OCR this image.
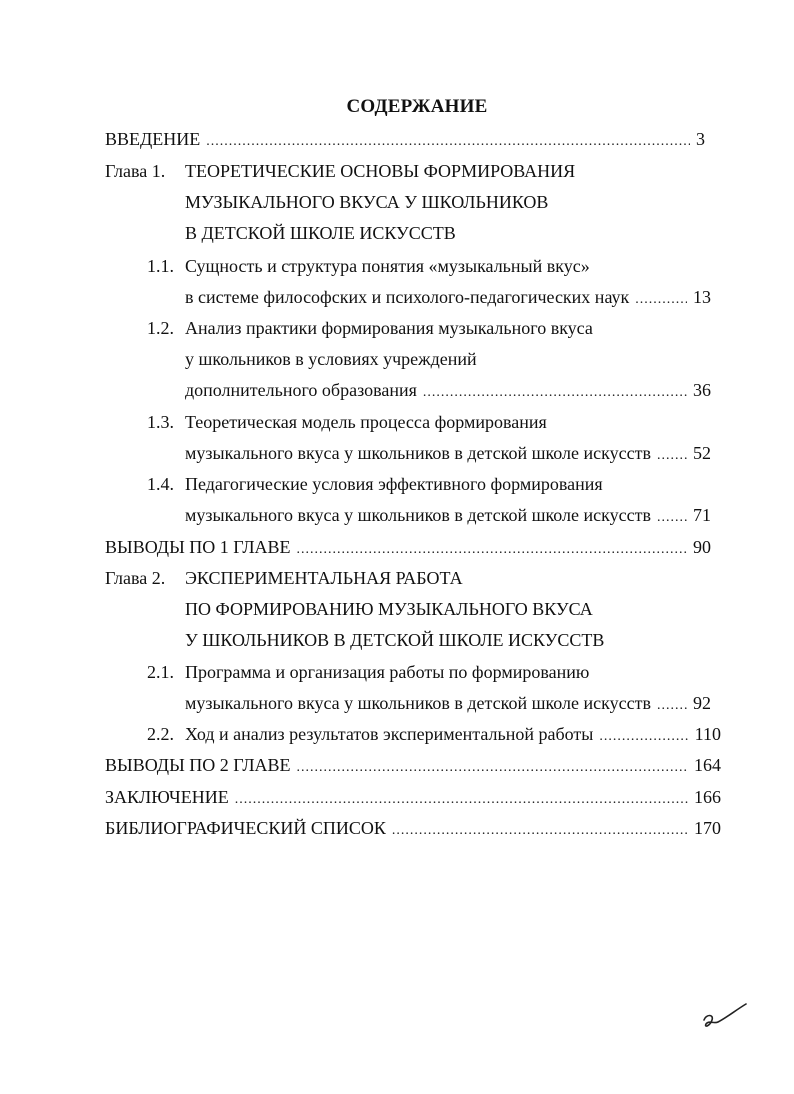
СОДЕРЖАНИЕ
ВВЕДЕНИЕ .....	3
Глава 1. ТЕОРЕТИЧЕСКИЕ ОСНОВЫ ФОРМИРОВАНИЯ
МУЗЫКАЛЬНОГО ВКУСА У ШКОЛЬНИКОВ
В ДЕТСКОЙ ШКОЛЕ ИСКУССТВ
1.1. Сущность и структура понятия «музыкальный вкус»
в системе философских и психолого-педагогических наук .....	13
1.2. Анализ практики формирования музыкального вкуса
у школьников в условиях учреждений
дополнительного образования .....	36
1.3. Теоретическая модель процесса формирования
музыкального вкуса у школьников в детской школе искусств ..... 52
1.4. Педагогические условия эффективного формирования
музыкального вкуса у школьников в детской школе искусств ..... 71
ВЫВОДЫ ПО 1 ГЛАВЕ .....	90
Глава 2. ЭКСПЕРИМЕНТАЛЬНАЯ РАБОТА
ПО ФОРМИРОВАНИЮ МУЗЫКАЛЬНОГО ВКУСА
У ШКОЛЬНИКОВ В ДЕТСКОЙ ШКОЛЕ ИСКУССТВ
2.1. Программа и организация работы по формированию
музыкального вкуса у школьников в детской школе искусств ..... 92
2.2. Ход и анализ результатов экспериментальной работы .....	110
ВЫВОДЫ ПО 2 ГЛАВЕ .....	164
ЗАКЛЮЧЕНИЕ .....	166
БИБЛИОГРАФИЧЕСКИЙ СПИСОК .....	170
